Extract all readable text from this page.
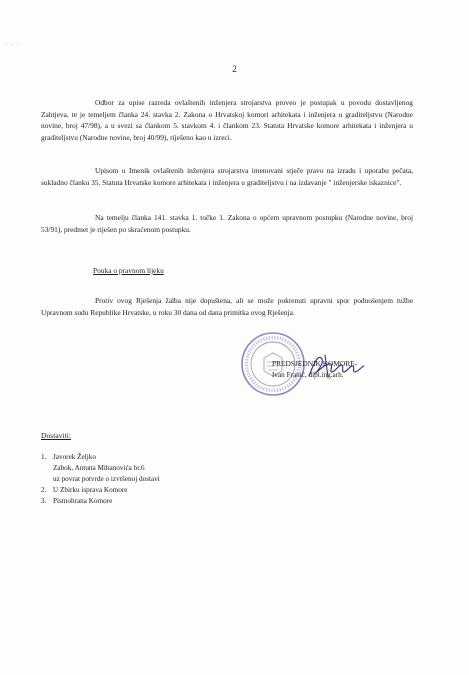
˙ ′ ˙
2

Odbor za upise razreda ovlaštenih inženjera strojarstva proveo je postupak u povodu dostavljenog Zahtjeva, te je temeljem članka 24. stavka 2. Zakona o Hrvatskoj komori arhitekata i inženjera u graditeljstvu (Narodne novine, broj 47/98), a u svezi sa člankom 5. stavkom 4. i člankom 23. Statuta Hrvatske komore arhitekata i inženjera u graditeljstvu (Narodne novine, broj 40/99), riješeno kao u izreci.

Upisom u Imenik ovlaštenih inženjera strojarstva imenovani stječe pravo na izradu i uporabu pečata, sukladno članku 35. Statuta Hrvatske komore arhitekata i inženjera u graditeljstvu i na izdavanje " inženjerske iskaznice".

Na temelju članka 141. stavka 1. točke 1. Zakona o općem upravnom postupku (Narodne novine, broj 53/91), predmet je riješen po skraćenom postupku.

Pouka o pravnom lijeku

Protiv ovog Rješenja žalba nije dopuštena, ali se može pokrenuti upravni spor podnošenjem tužbe Upravnom sudu Republike Hrvatske, u roku 30 dana od dana primitka ovog Rješenja.

PREDSJEDNIK KOMORE-
Ivan Franić, dipl.ing.arh.
Dostaviti:
1. Javorek Željko
Zabok, Antuna Mihanovića br.6
uz povrat potvrde o izvršenoj dostavi
2. U Zbirku isprava Komore
3. Pismohrana Komore
